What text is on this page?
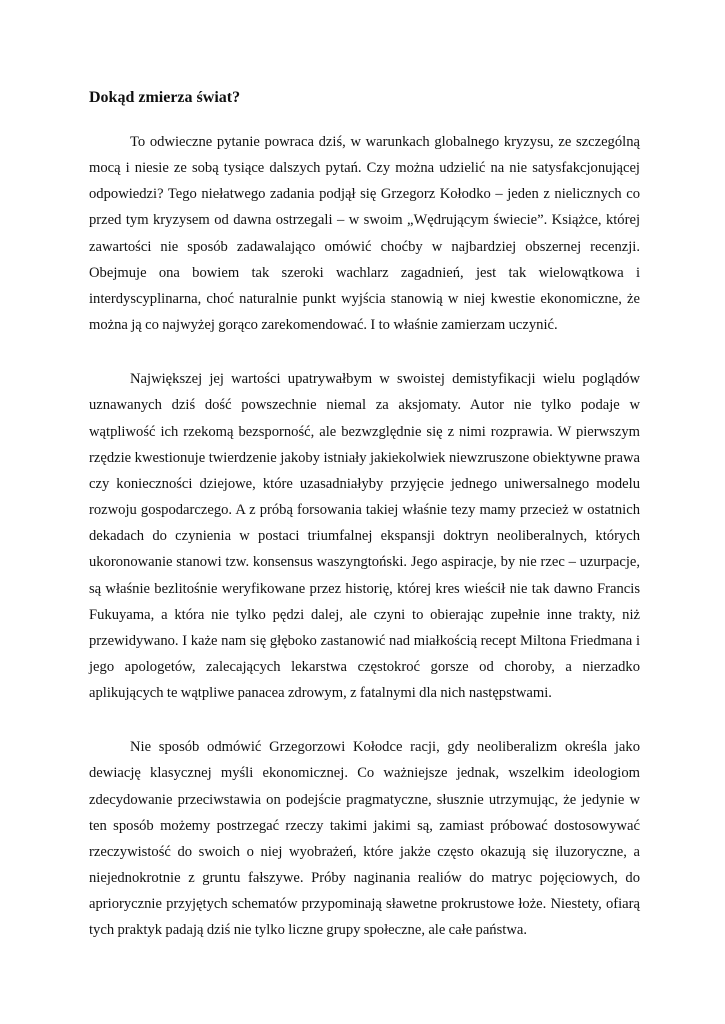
Dokąd zmierza świat?

To odwieczne pytanie powraca dziś, w warunkach globalnego kryzysu, ze szczególną mocą i niesie ze sobą tysiące dalszych pytań. Czy można udzielić na nie satysfakcjonującej odpowiedzi? Tego niełatwego zadania podjął się Grzegorz Kołodko – jeden z nielicznych co przed tym kryzysem od dawna ostrzegali – w swoim „Wędrującym świecie”. Książce, której zawartości nie sposób zadawalająco omówić choćby w najbardziej obszernej recenzji. Obejmuje ona bowiem tak szeroki wachlarz zagadnień, jest tak wielowątkowa i interdyscyplinarna, choć naturalnie punkt wyjścia stanowią w niej kwestie ekonomiczne, że można ją co najwyżej gorąco zarekomendować. I to właśnie zamierzam uczynić.

Największej jej wartości upatrywałbym w swoistej demistyfikacji wielu poglądów uznawanych dziś dość powszechnie niemal za aksjomaty. Autor nie tylko podaje w wątpliwość ich rzekomą bezsporność, ale bezwzględnie się z nimi rozprawia. W pierwszym rzędzie kwestionuje twierdzenie jakoby istniały jakiekolwiek niewzruszone obiektywne prawa czy konieczności dziejowe, które uzasadniałyby przyjęcie jednego uniwersalnego modelu rozwoju gospodarczego. A z próbą forsowania takiej właśnie tezy mamy przecież w ostatnich dekadach do czynienia w postaci triumfalnej ekspansji doktryn neoliberalnych, których ukoronowanie stanowi tzw. konsensus waszyngtoński. Jego aspiracje, by nie rzec – uzurpacje, są właśnie bezlitośnie weryfikowane przez historię, której kres wieścił nie tak dawno Francis Fukuyama, a która nie tylko pędzi dalej, ale czyni to obierając zupełnie inne trakty, niż przewidywano. I każe nam się głęboko zastanowić nad miałkością recept Miltona Friedmana i jego apologetów, zalecających lekarstwa częstokroć gorsze od choroby, a nierzadko aplikujących te wątpliwe panacea zdrowym, z fatalnymi dla nich następstwami.

Nie sposób odmówić Grzegorzowi Kołodce racji, gdy neoliberalizm określa jako dewiację klasycznej myśli ekonomicznej. Co ważniejsze jednak, wszelkim ideologiom zdecydowanie przeciwstawia on podejście pragmatyczne, słusznie utrzymując, że jedynie w ten sposób możemy postrzegać rzeczy takimi jakimi są, zamiast próbować dostosowywać rzeczywistość do swoich o niej wyobrażeń, które jakże często okazują się iluzoryczne, a niejednokrotnie z gruntu fałszywe. Próby naginania realiów do matryc pojęciowych, do apriorycznie przyjętych schematów przypominają sławetne prokrustowe łoże. Niestety, ofiarą tych praktyk padają dziś nie tylko liczne grupy społeczne, ale całe państwa.
